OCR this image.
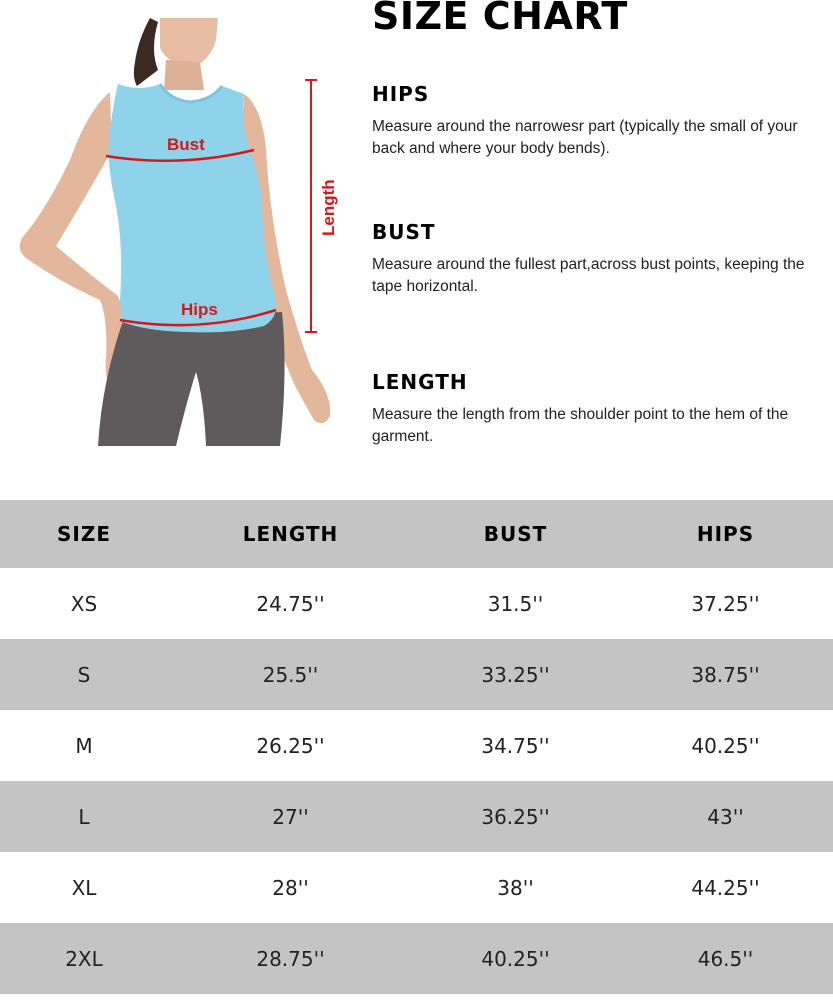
Bust
Hips
Length
SIZE CHART
HIPS

Measure around the narrowesr part (typically the small of your back and where your body bends).

BUST

Measure around the fullest part,across bust points, keeping the tape horizontal.

LENGTH

Measure the length from the shoulder point to the hem of the garment.

SIZE	LENGTH	BUST	HIPS
XS	24.75''	31.5''	37.25''
S	25.5''	33.25''	38.75''
M	26.25''	34.75''	40.25''
L	27''	36.25''	43''
XL	28''	38''	44.25''
2XL	28.75''	40.25''	46.5''
